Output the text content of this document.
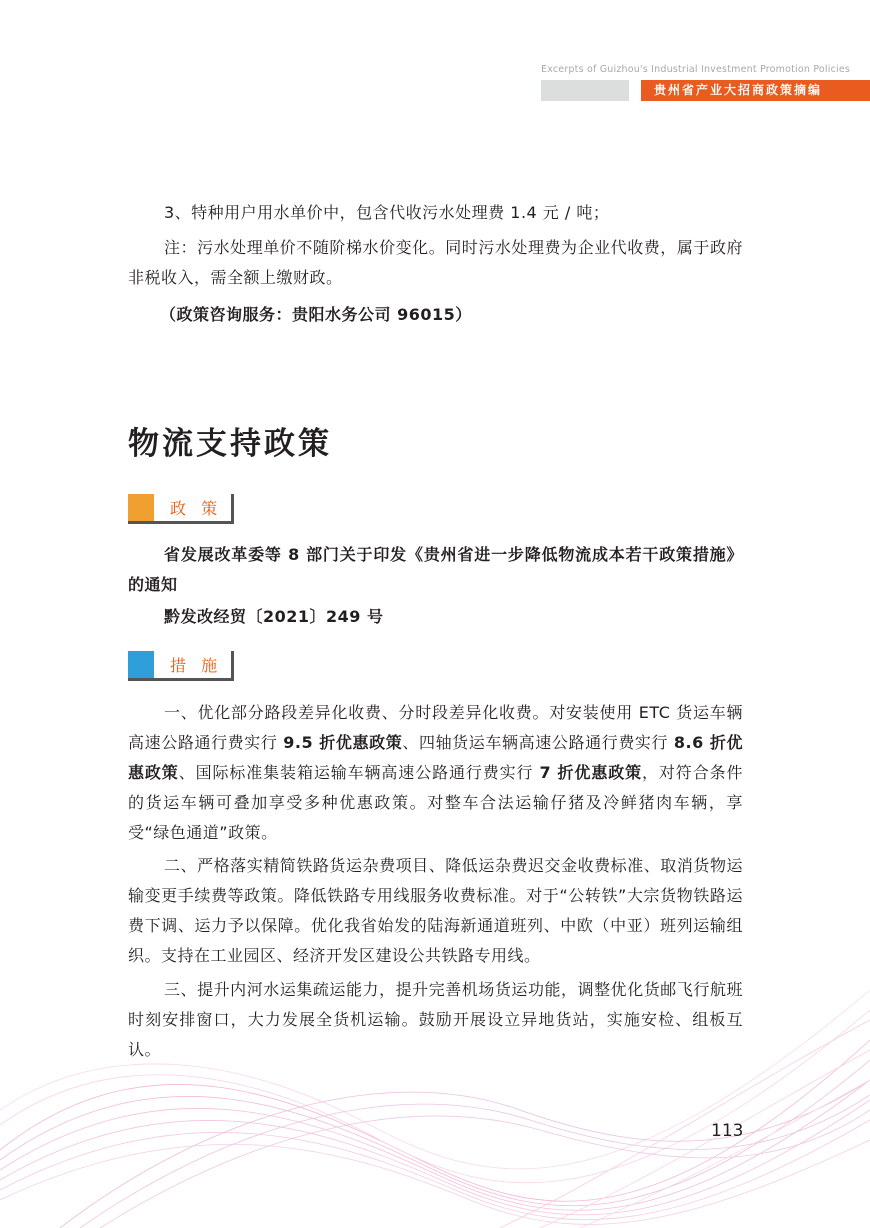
Excerpts of Guizhou's Industrial Investment Promotion Policies
贵州省产业大招商政策摘编

3、特种用户用水单价中，包含代收污水处理费 1.4 元 / 吨；

注：污水处理单价不随阶梯水价变化。同时污水处理费为企业代收费，属于政府非税收入，需全额上缴财政。

（政策咨询服务：贵阳水务公司 96015）

物流支持政策
政 策

省发展改革委等 8 部门关于印发《贵州省进一步降低物流成本若干政策措施》的通知

黔发改经贸〔2021〕249 号

措 施

一、优化部分路段差异化收费、分时段差异化收费。对安装使用 ETC 货运车辆高速公路通行费实行 9.5 折优惠政策、四轴货运车辆高速公路通行费实行 8.6 折优惠政策、国际标准集装箱运输车辆高速公路通行费实行 7 折优惠政策，对符合条件的货运车辆可叠加享受多种优惠政策。对整车合法运输仔猪及冷鲜猪肉车辆，享受“绿色通道”政策。

二、严格落实精简铁路货运杂费项目、降低运杂费迟交金收费标准、取消货物运输变更手续费等政策。降低铁路专用线服务收费标准。对于“公转铁”大宗货物铁路运费下调、运力予以保障。优化我省始发的陆海新通道班列、中欧（中亚）班列运输组织。支持在工业园区、经济开发区建设公共铁路专用线。

三、提升内河水运集疏运能力，提升完善机场货运功能，调整优化货邮飞行航班时刻安排窗口，大力发展全货机运输。鼓励开展设立异地货站，实施安检、组板互认。

113
